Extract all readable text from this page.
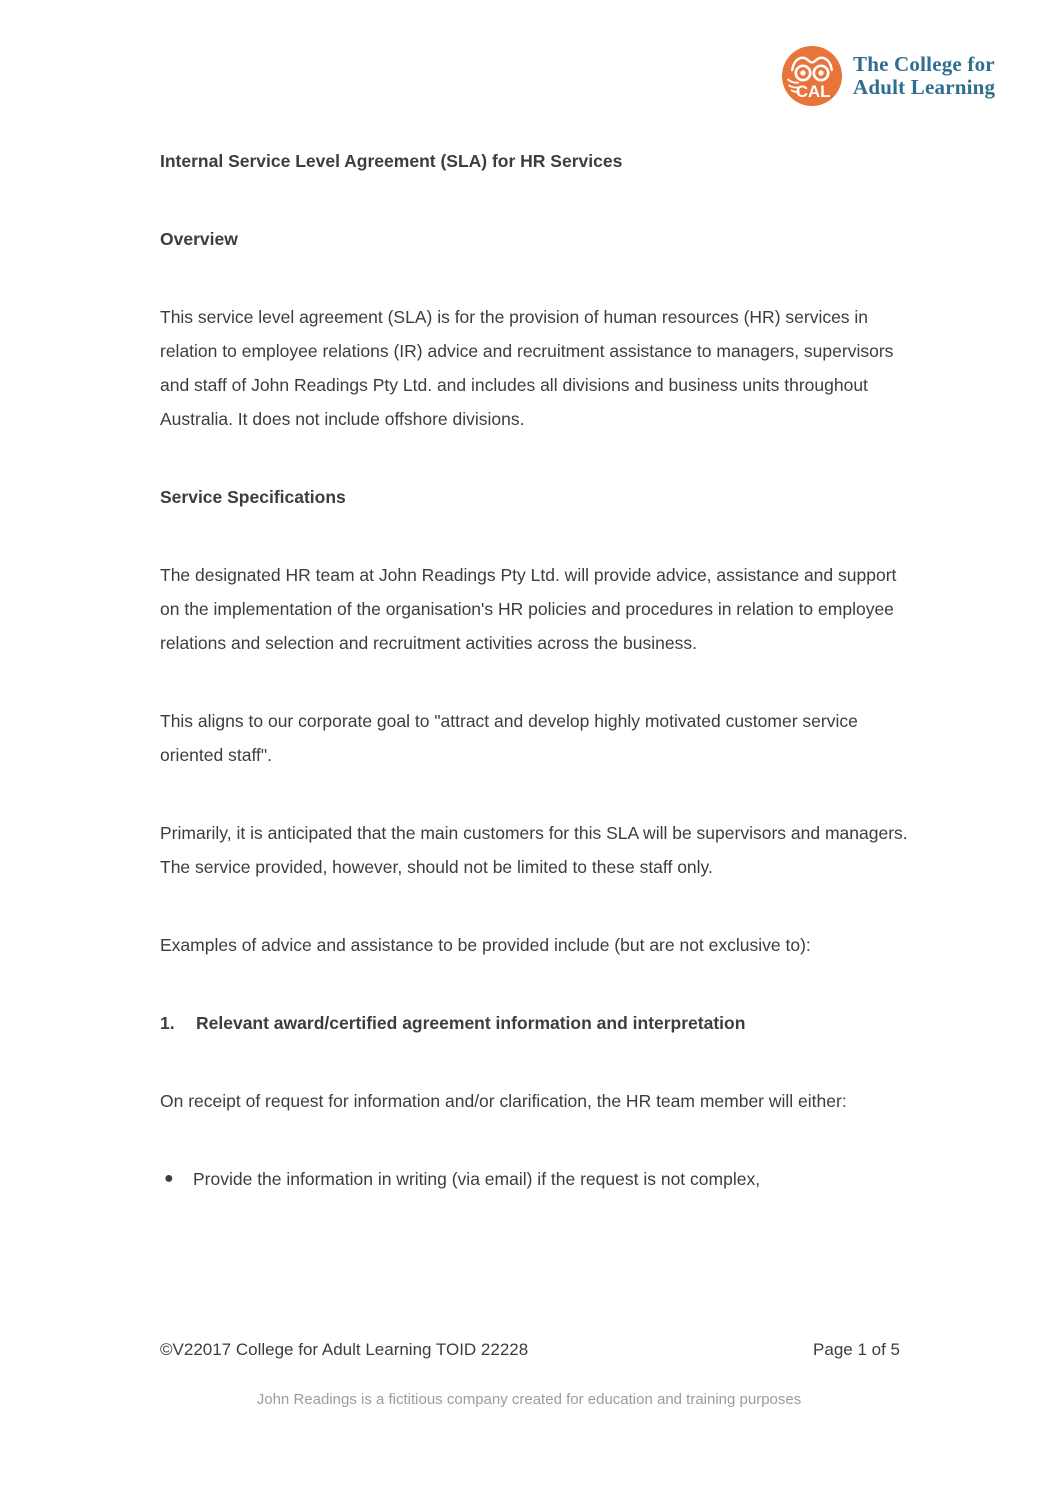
CAL
The College for
Adult Learning

Internal Service Level Agreement (SLA) for HR Services

Overview

This service level agreement (SLA) is for the provision of human resources (HR) services in relation to employee relations (IR) advice and recruitment assistance to managers, supervisors and staff of John Readings Pty Ltd. and includes all divisions and business units throughout Australia. It does not include offshore divisions.

Service Specifications

The designated HR team at John Readings Pty Ltd. will provide advice, assistance and support on the implementation of the organisation's HR policies and procedures in relation to employee relations and selection and recruitment activities across the business.

This aligns to our corporate goal to "attract and develop highly motivated customer service oriented staff".

Primarily, it is anticipated that the main customers for this SLA will be supervisors and managers. The service provided, however, should not be limited to these staff only.

Examples of advice and assistance to be provided include (but are not exclusive to):

1.	Relevant award/certified agreement information and interpretation

On receipt of request for information and/or clarification, the HR team member will either:

●	Provide the information in writing (via email) if the request is not complex,
©V22017 College for Adult Learning TOID 22228	Page 1 of 5
John Readings is a fictitious company created for education and training purposes
